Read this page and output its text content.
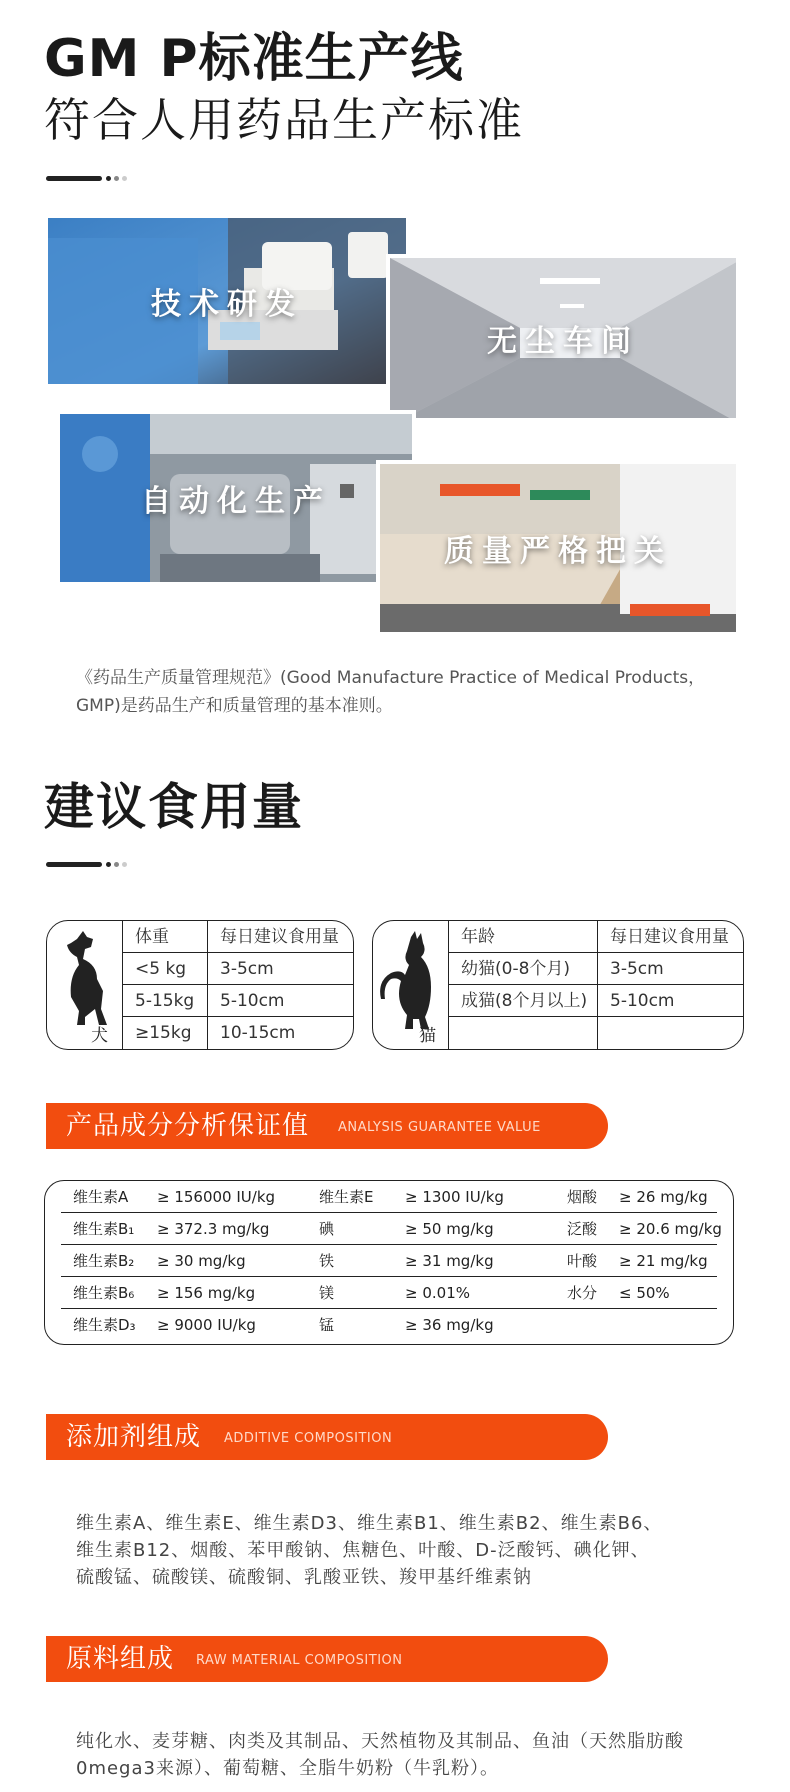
GM P标准生产线
符合人用药品生产标准
技术研发
无尘车间
自动化生产
质量严格把关
《药品生产质量管理规范》(Good Manufacture Practice of Medical Products，GMP)是药品生产和质量管理的基本准则。
建议食用量
犬
体重	每日建议食用量
<5 kg	3-5cm
5-15kg	5-10cm
≥15kg	10-15cm	猫
年龄	每日建议食用量
幼猫(0-8个月)	3-5cm
成猫(8个月以上)	5-10cm
产品成分分析保证值 ANALYSIS GUARANTEE VALUE
维生素A ≥ 156000 IU/kg	维生素E ≥ 1300 IU/kg	烟酸 ≥ 26 mg/kg
维生素B₁ ≥ 372.3 mg/kg	碘	≥ 50 mg/kg	泛酸 ≥ 20.6 mg/kg
维生素B₂ ≥ 30 mg/kg	铁	≥ 31 mg/kg	叶酸 ≥ 21 mg/kg
维生素B₆ ≥ 156 mg/kg	镁	≥ 0.01%	水分 ≤ 50%
维生素D₃ ≥ 9000 IU/kg	锰	≥ 36 mg/kg
添加剂组成 ADDITIVE COMPOSITION
维生素A、维生素E、维生素D3、维生素B1、维生素B2、维生素B6、
维生素B12、烟酸、苯甲酸钠、焦糖色、叶酸、D-泛酸钙、碘化钾、
硫酸锰、硫酸镁、硫酸铜、乳酸亚铁、羧甲基纤维素钠
原料组成 RAW MATERIAL COMPOSITION
纯化水、麦芽糖、肉类及其制品、天然植物及其制品、鱼油（天然脂肪酸
0mega3来源）、葡萄糖、全脂牛奶粉（牛乳粉）。
